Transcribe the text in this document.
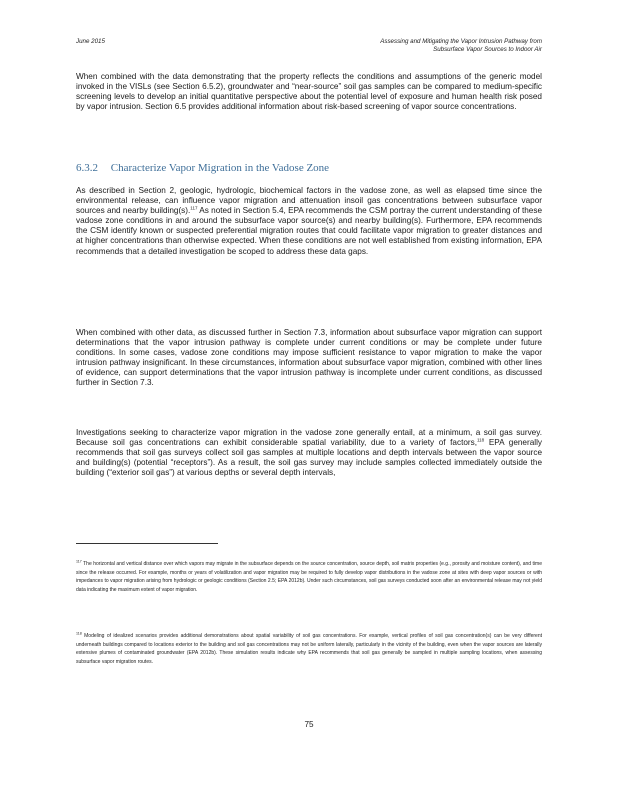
June 2015	Assessing and Mitigating the Vapor Intrusion Pathway from
Subsurface Vapor Sources to Indoor Air
When combined with the data demonstrating that the property reflects the conditions and assumptions of the generic model invoked in the VISLs (see Section 6.5.2), groundwater and “near-source” soil gas samples can be compared to medium-specific screening levels to develop an initial quantitative perspective about the potential level of exposure and human health risk posed by vapor intrusion. Section 6.5 provides additional information about risk-based screening of vapor source concentrations.
6.3.2 Characterize Vapor Migration in the Vadose Zone
As described in Section 2, geologic, hydrologic, biochemical factors in the vadose zone, as well as elapsed time since the environmental release, can influence vapor migration and attenuation insoil gas concentrations between subsurface vapor sources and nearby building(s).$^{117}$ As noted in Section 5.4, EPA recommends the CSM portray the current understanding of these vadose zone conditions in and around the subsurface vapor source(s) and nearby building(s). Furthermore, EPA recommends the CSM identify known or suspected preferential migration routes that could facilitate vapor migration to greater distances and at higher concentrations than otherwise expected. When these conditions are not well established from existing information, EPA recommends that a detailed investigation be scoped to address these data gaps.
When combined with other data, as discussed further in Section 7.3, information about subsurface vapor migration can support determinations that the vapor intrusion pathway is complete under current conditions or may be complete under future conditions. In some cases, vadose zone conditions may impose sufficient resistance to vapor migration to make the vapor intrusion pathway insignificant. In these circumstances, information about subsurface vapor migration, combined with other lines of evidence, can support determinations that the vapor intrusion pathway is incomplete under current conditions, as discussed further in Section 7.3.
Investigations seeking to characterize vapor migration in the vadose zone generally entail, at a minimum, a soil gas survey. Because soil gas concentrations can exhibit considerable spatial variability, due to a variety of factors,$^{118}$ EPA generally recommends that soil gas surveys collect soil gas samples at multiple locations and depth intervals between the vapor source and building(s) (potential “receptors”). As a result, the soil gas survey may include samples collected immediately outside the building (“exterior soil gas”) at various depths or several depth intervals,
$^{117}$ The horizontal and vertical distance over which vapors may migrate in the subsurface depends on the source concentration, source depth, soil matrix properties (e.g., porosity and moisture content), and time since the release occurred. For example, months or years of volatilization and vapor migration may be required to fully develop vapor distributions in the vadose zone at sites with deep vapor sources or with impedances to vapor migration arising from hydrologic or geologic conditions (Section 2.5; EPA 2012b). Under such circumstances, soil gas surveys conducted soon after an environmental release may not yield data indicating the maximum extent of vapor migration.
$^{118}$ Modeling of idealized scenarios provides additional demonstrations about spatial variability of soil gas concentrations. For example, vertical profiles of soil gas concentration(s) can be very different underneath buildings compared to locations exterior to the building and soil gas concentrations may not be uniform laterally, particularly in the vicinity of the building, even when the vapor sources are laterally extensive plumes of contaminated groundwater (EPA 2012b). These simulation results indicate why EPA recommends that soil gas generally be sampled in multiple sampling locations, when assessing subsurface vapor migration routes.
75
